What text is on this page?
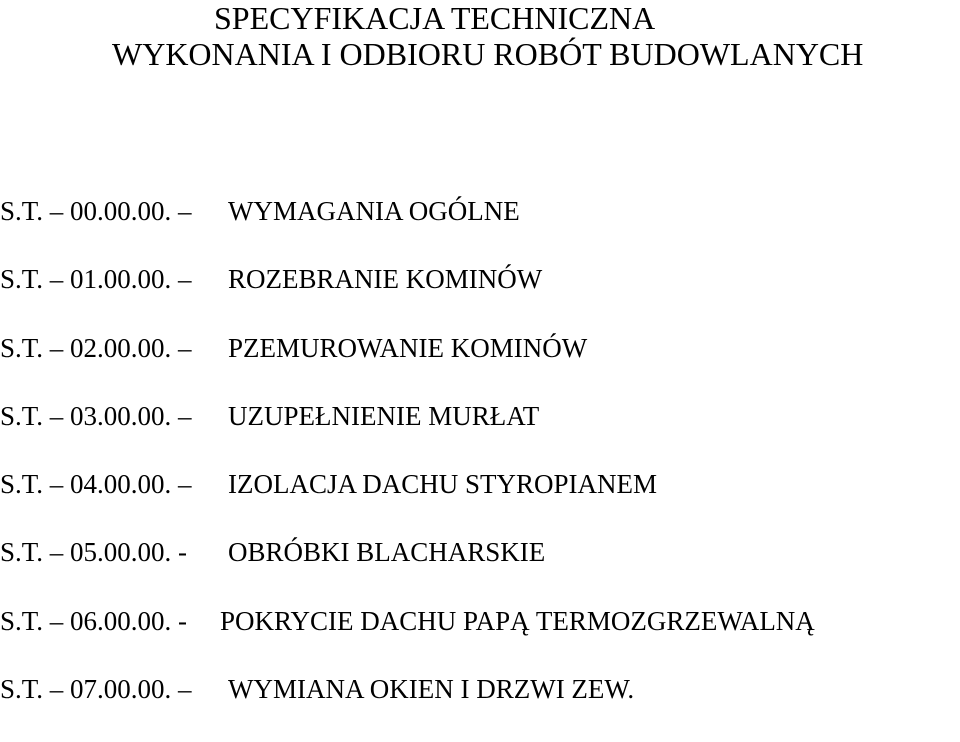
SPECYFIKACJA TECHNICZNA
WYKONANIA I ODBIORU ROBÓT BUDOWLANYCH
S.T. – 00.00.00. –	WYMAGANIA OGÓLNE
S.T. – 01.00.00. –	ROZEBRANIE KOMINÓW
S.T. – 02.00.00. –	PZEMUROWANIE KOMINÓW
S.T. – 03.00.00. –	UZUPEŁNIENIE MURŁAT
S.T. – 04.00.00. –	IZOLACJA DACHU STYROPIANEM
S.T. – 05.00.00. -	OBRÓBKI BLACHARSKIE
S.T. – 06.00.00. -	POKRYCIE DACHU PAPĄ TERMOZGRZEWALNĄ
S.T. – 07.00.00. –	WYMIANA OKIEN I DRZWI ZEW.
